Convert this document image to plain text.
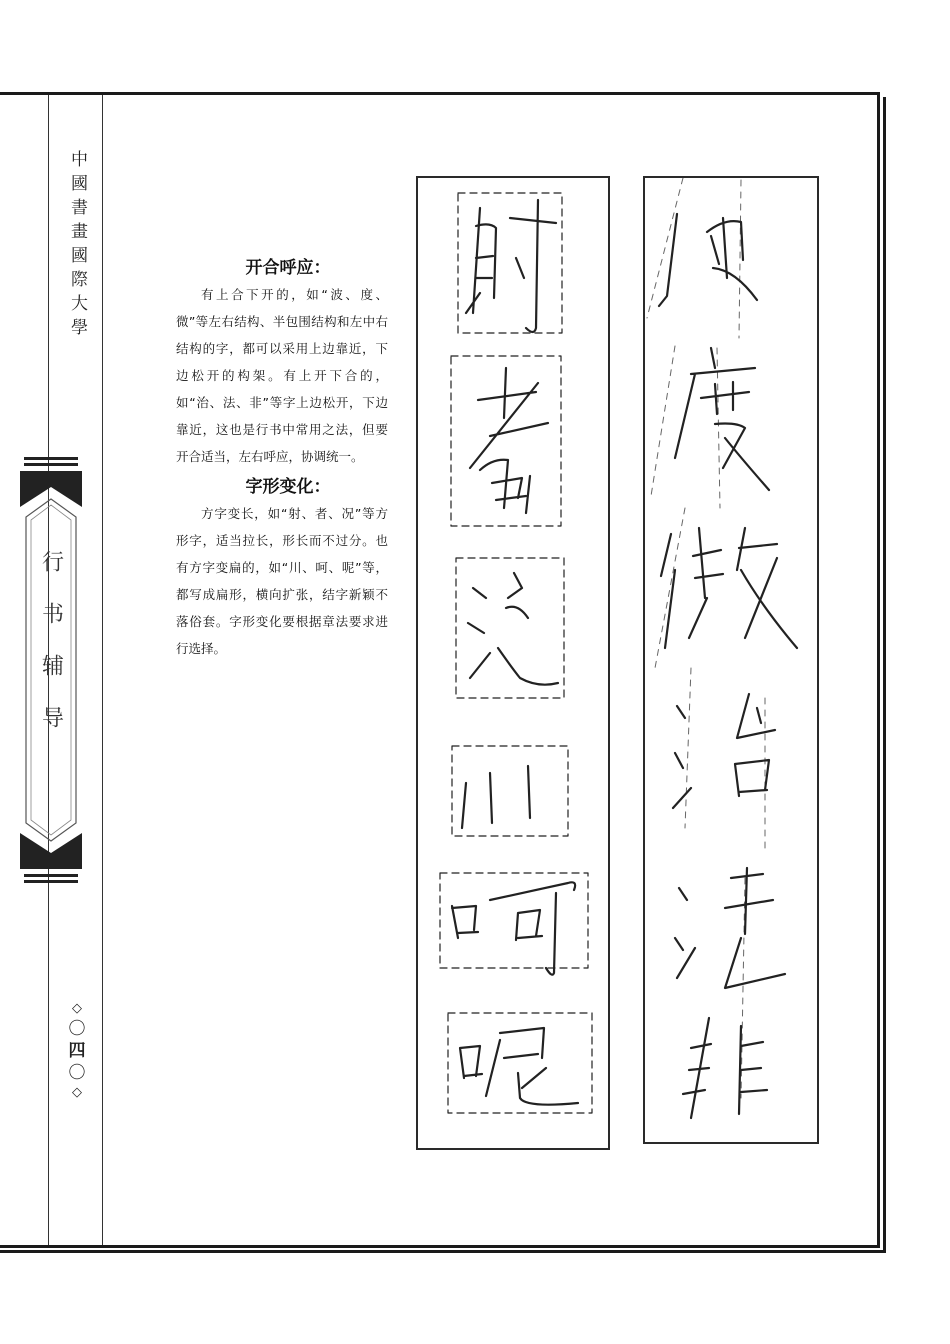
中國書畫國際大學
行书辅导
◇
〇
四
〇
◇

开合呼应：

有上合下开的，如“波、度、微”等左右结构、半包围结构和左中右结构的字，都可以采用上边靠近，下边松开的构架。有上开下合的，如“治、法、非”等字上边松开，下边靠近，这也是行书中常用之法，但要开合适当，左右呼应，协调统一。

字形变化：

方字变长，如“射、者、况”等方形字，适当拉长，形长而不过分。也有方字变扁的，如“川、呵、呢”等，都写成扁形，横向扩张，结字新颖不落俗套。字形变化要根据章法要求进行选择。
